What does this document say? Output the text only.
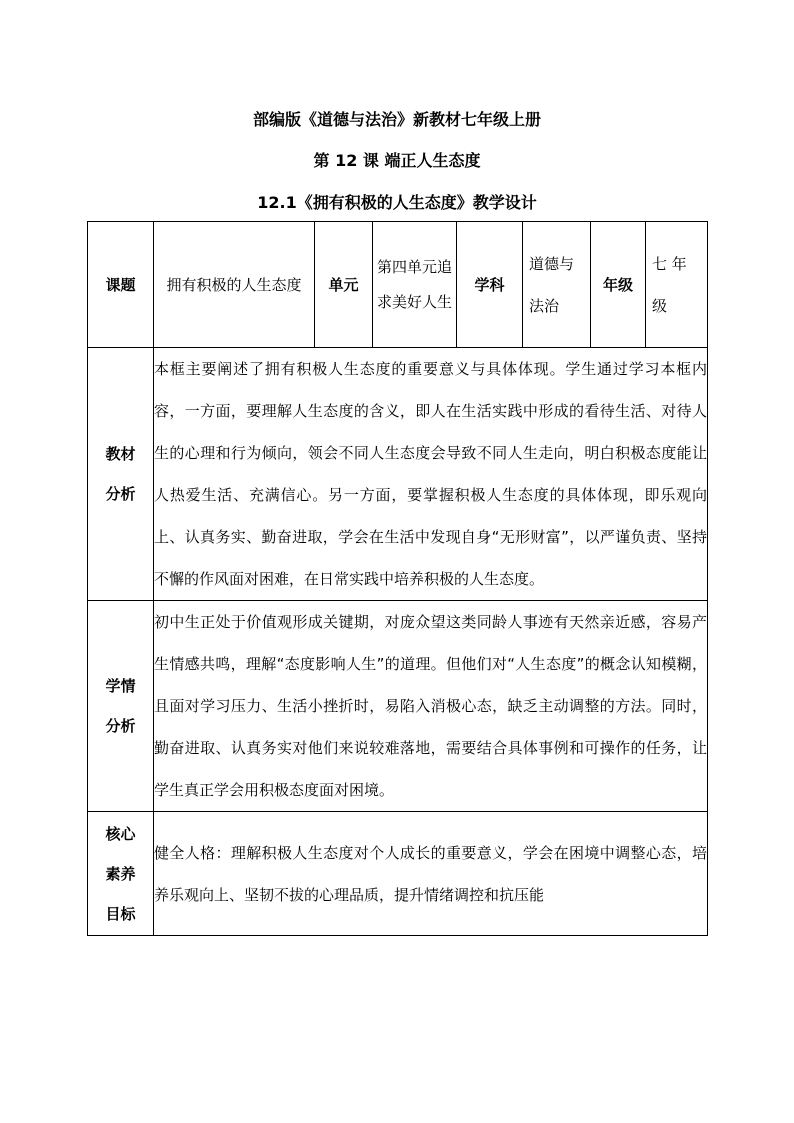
部编版《道德与法治》新教材七年级上册
第 12 课 端正人生态度
12.1《拥有积极的人生态度》教学设计
课题	拥有积极的人生态度	单元	第四单元追求美好人生	学科	道德与法治	年级	七 年 级

教材分析	本框主要阐述了拥有积极人生态度的重要意义与具体体现。学生通过学习本框内容，一方面，要理解人生态度的含义，即人在生活实践中形成的看待生活、对待人生的心理和行为倾向，领会不同人生态度会导致不同人生走向，明白积极态度能让人热爱生活、充满信心。另一方面，要掌握积极人生态度的具体体现，即乐观向上、认真务实、勤奋进取，学会在生活中发现自身“无形财富”，以严谨负责、坚持不懈的作风面对困难，在日常实践中培养积极的人生态度。						

学情分析	初中生正处于价值观形成关键期，对庞众望这类同龄人事迹有天然亲近感，容易产生情感共鸣，理解“态度影响人生”的道理。但他们对“人生态度”的概念认知模糊，且面对学习压力、生活小挫折时，易陷入消极心态，缺乏主动调整的方法。同时，勤奋进取、认真务实对他们来说较难落地，需要结合具体事例和可操作的任务，让学生真正学会用积极态度面对困境。						

核心素养目标	健全人格：理解积极人生态度对个人成长的重要意义，学会在困境中调整心态，培养乐观向上、坚韧不拔的心理品质，提升情绪调控和抗压能						
